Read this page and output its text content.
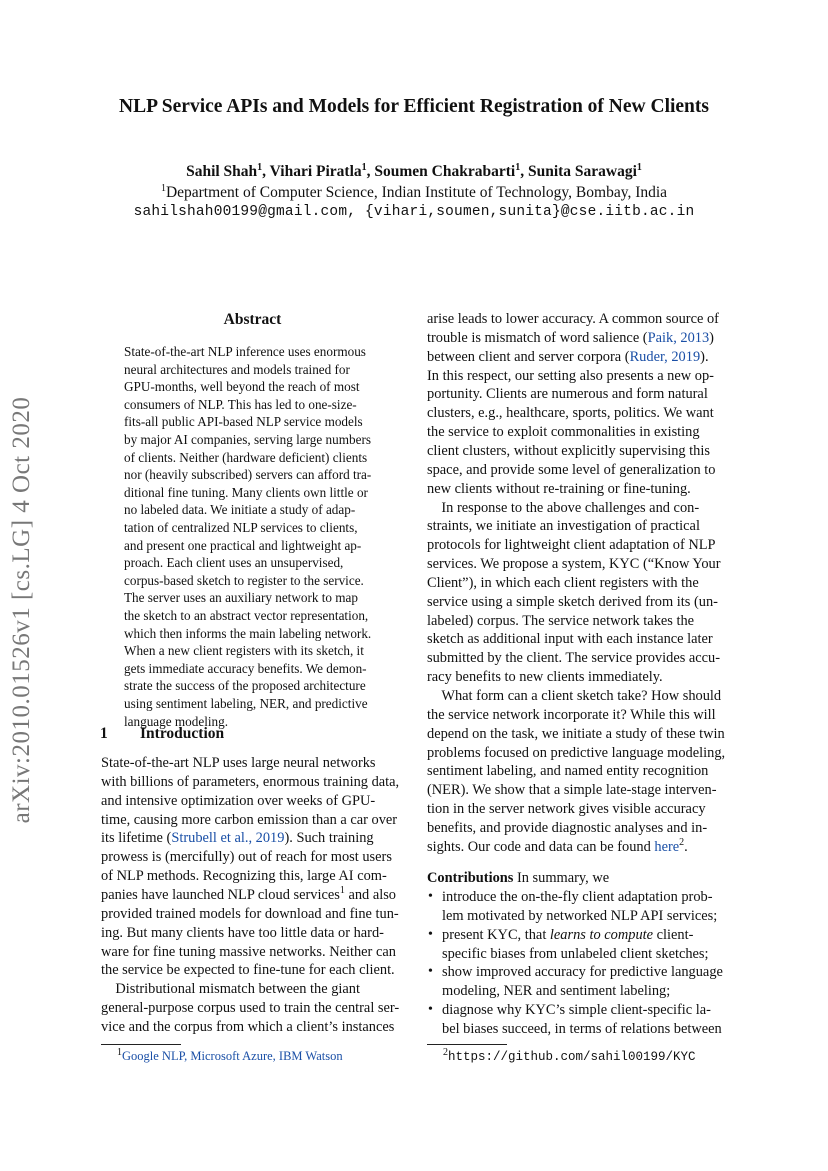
NLP Service APIs and Models for Efficient Registration of New Clients
Sahil Shah$^1$, Vihari Piratla$^1$, Soumen Chakrabarti$^1$, Sunita Sarawagi$^1$
$^1$Department of Computer Science, Indian Institute of Technology, Bombay, India
sahilshah00199@gmail.com, {vihari,soumen,sunita}@cse.iitb.ac.in
arXiv:2010.01526v1 [cs.LG] 4 Oct 2020
Abstract
State-of-the-art NLP inference uses enormous
neural architectures and models trained for
GPU-months, well beyond the reach of most
consumers of NLP. This has led to one-size-
fits-all public API-based NLP service models
by major AI companies, serving large numbers
of clients. Neither (hardware deficient) clients
nor (heavily subscribed) servers can afford tra-
ditional fine tuning. Many clients own little or
no labeled data. We initiate a study of adap-
tation of centralized NLP services to clients,
and present one practical and lightweight ap-
proach. Each client uses an unsupervised,
corpus-based sketch to register to the service.
The server uses an auxiliary network to map
the sketch to an abstract vector representation,
which then informs the main labeling network.
When a new client registers with its sketch, it
gets immediate accuracy benefits. We demon-
strate the success of the proposed architecture
using sentiment labeling, NER, and predictive
language modeling.
1 Introduction
State-of-the-art NLP uses large neural networks
with billions of parameters, enormous training data,
and intensive optimization over weeks of GPU-
time, causing more carbon emission than a car over
its lifetime (Strubell et al., 2019). Such training
prowess is (mercifully) out of reach for most users
of NLP methods. Recognizing this, large AI com-
panies have launched NLP cloud services$^1$ and also
provided trained models for download and fine tun-
ing. But many clients have too little data or hard-
ware for fine tuning massive networks. Neither can
the service be expected to fine-tune for each client.
Distributional mismatch between the giant
general-purpose corpus used to train the central ser-
vice and the corpus from which a client’s instances
arise leads to lower accuracy. A common source of
trouble is mismatch of word salience (Paik, 2013)
between client and server corpora (Ruder, 2019).
In this respect, our setting also presents a new op-
portunity. Clients are numerous and form natural
clusters, e.g., healthcare, sports, politics. We want
the service to exploit commonalities in existing
client clusters, without explicitly supervising this
space, and provide some level of generalization to
new clients without re-training or fine-tuning.
In response to the above challenges and con-
straints, we initiate an investigation of practical
protocols for lightweight client adaptation of NLP
services. We propose a system, KYC (“Know Your
Client”), in which each client registers with the
service using a simple sketch derived from its (un-
labeled) corpus. The service network takes the
sketch as additional input with each instance later
submitted by the client. The service provides accu-
racy benefits to new clients immediately.
What form can a client sketch take? How should
the service network incorporate it? While this will
depend on the task, we initiate a study of these twin
problems focused on predictive language modeling,
sentiment labeling, and named entity recognition
(NER). We show that a simple late-stage interven-
tion in the server network gives visible accuracy
benefits, and provide diagnostic analyses and in-
sights. Our code and data can be found here$^2$.
Contributions In summary, we
• introduce the on-the-fly client adaptation prob-
lem motivated by networked NLP API services;
• present KYC, that learns to compute client-
specific biases from unlabeled client sketches;
• show improved accuracy for predictive language
modeling, NER and sentiment labeling;
• diagnose why KYC’s simple client-specific la-
bel biases succeed, in terms of relations between
$^1$Google NLP, Microsoft Azure, IBM Watson	$^2$https://github.com/sahil00199/KYC
